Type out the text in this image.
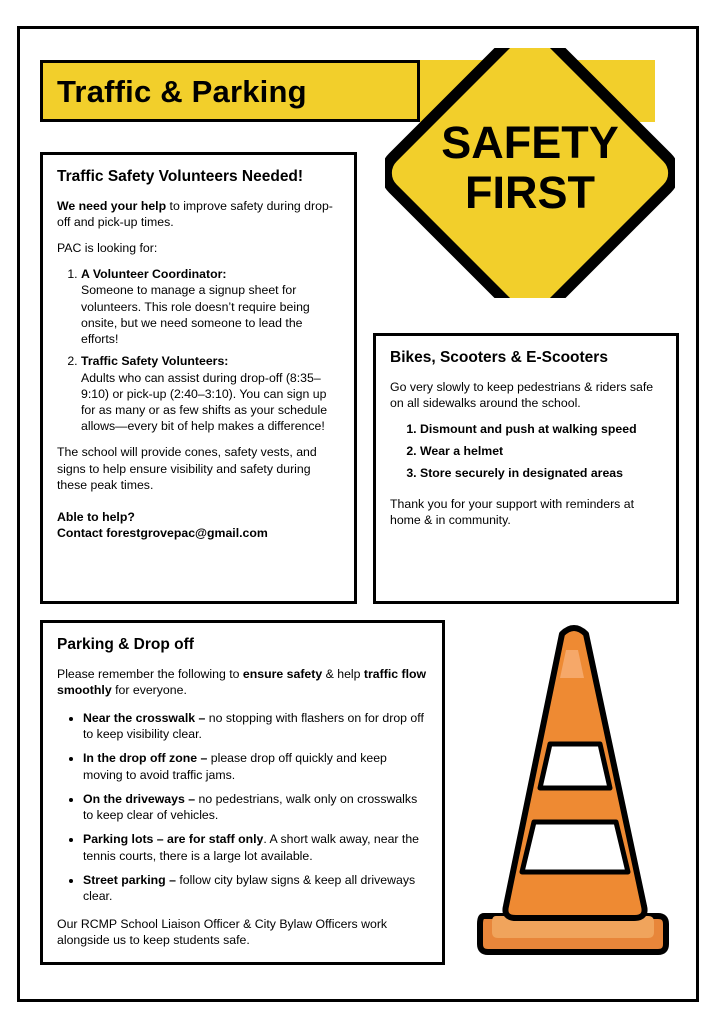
Traffic & Parking
SAFETY
FIRST
Traffic Safety Volunteers Needed!

We need your help to improve safety during drop-off and pick-up times.

PAC is looking for:

1. A Volunteer Coordinator:
Someone to manage a signup sheet for volunteers. This role doesn’t require being onsite, but we need someone to lead the efforts!
2. Traffic Safety Volunteers:
Adults who can assist during drop-off (8:35–9:10) or pick-up (2:40–3:10). You can sign up for as many or as few shifts as your schedule allows—every bit of help makes a difference!

The school will provide cones, safety vests, and signs to help ensure visibility and safety during these peak times.

Able to help?
Contact forestgrovepac@gmail.com

Bikes, Scooters & E-Scooters

Go very slowly to keep pedestrians & riders safe on all sidewalks around the school.

1. Dismount and push at walking speed
2. Wear a helmet
3. Store securely in designated areas

Thank you for your support with reminders at home & in community.

Parking & Drop off

Please remember the following to ensure safety & help traffic flow smoothly for everyone.

• Near the crosswalk – no stopping with flashers on for drop off to keep visibility clear.
• In the drop off zone – please drop off quickly and keep moving to avoid traffic jams.
• On the driveways – no pedestrians, walk only on crosswalks to keep clear of vehicles.
• Parking lots – are for staff only. A short walk away, near the tennis courts, there is a large lot available.
• Street parking – follow city bylaw signs & keep all driveways clear.

Our RCMP School Liaison Officer & City Bylaw Officers work alongside us to keep students safe.
